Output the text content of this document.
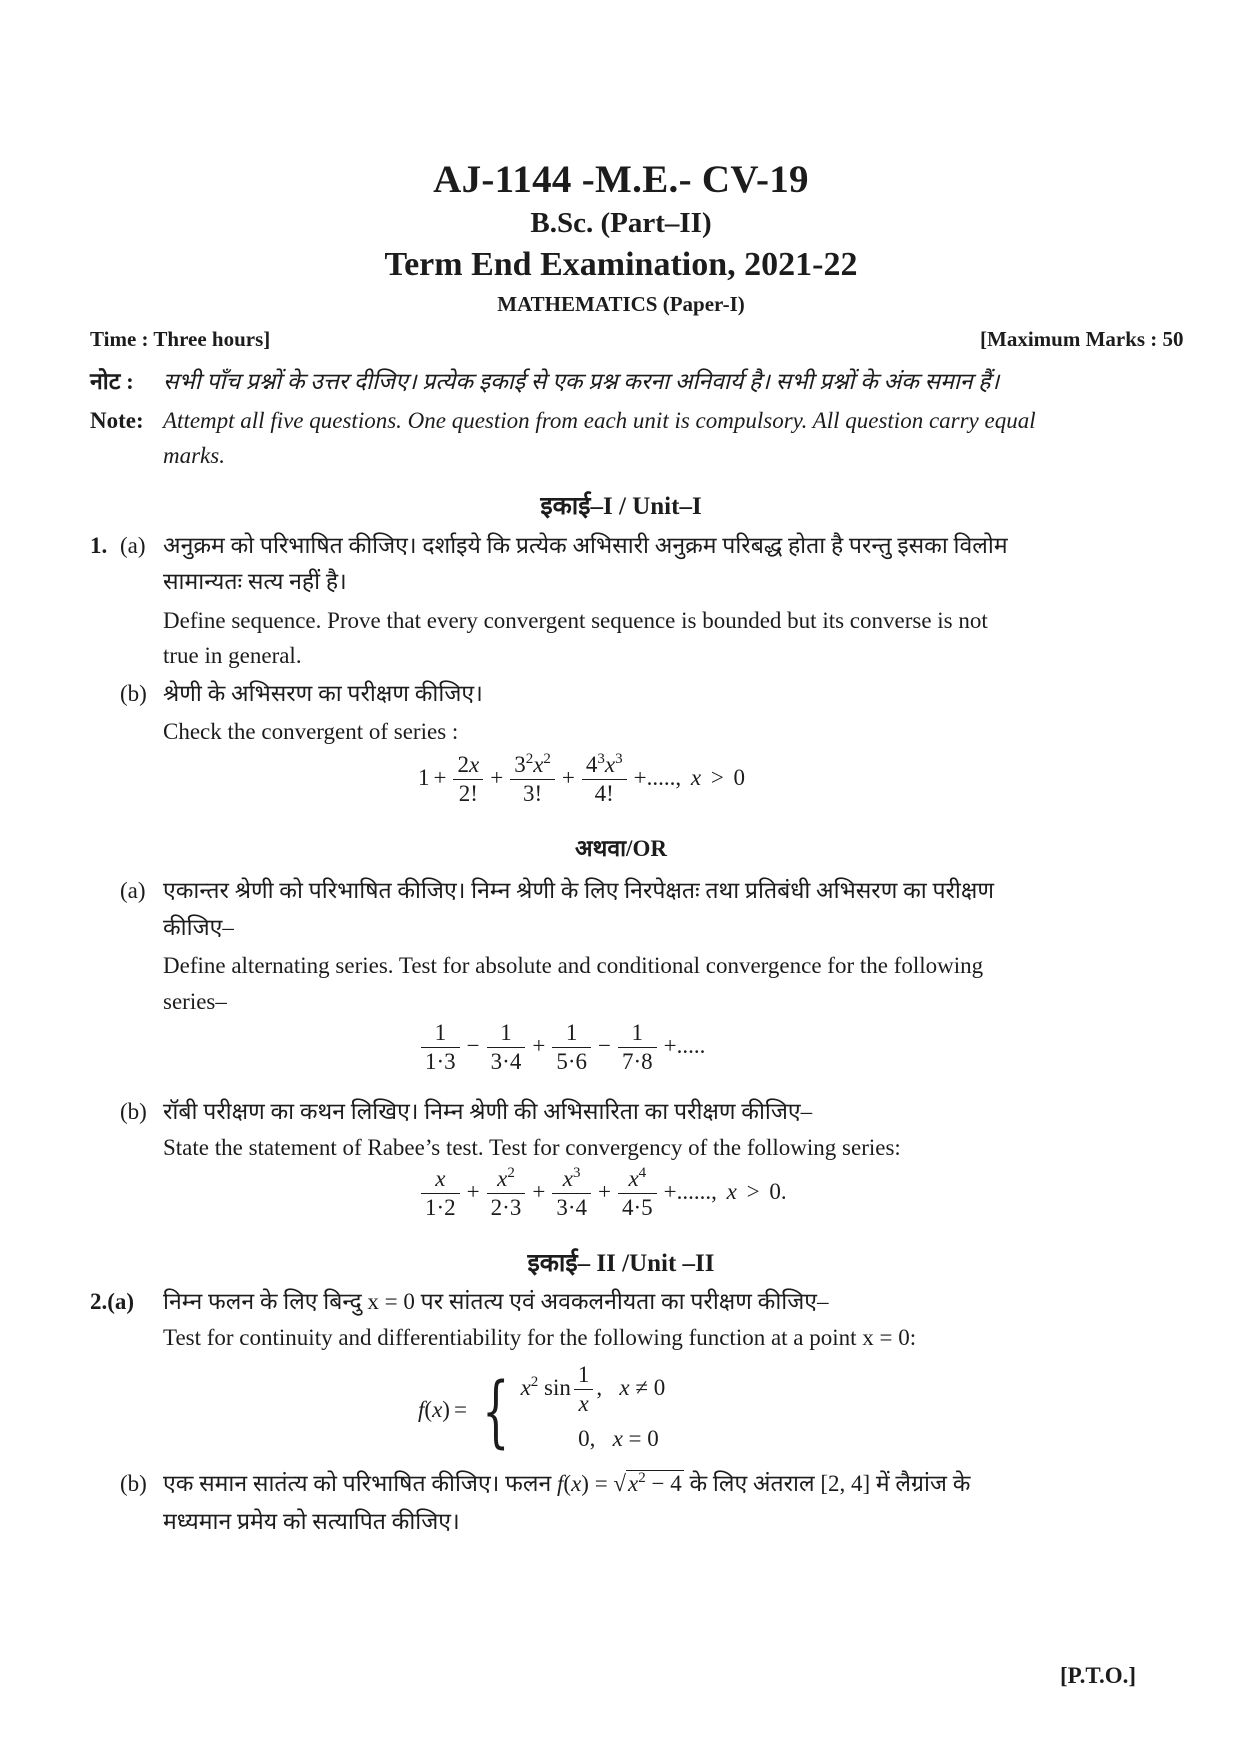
AJ-1144 -M.E.- CV-19
B.Sc. (Part–II)
Term End Examination, 2021-22
MATHEMATICS (Paper-I)
Time : Three hours]	[Maximum Marks : 50
नोट : सभी पाँच प्रश्नों के उत्तर दीजिए। प्रत्येक इकाई से एक प्रश्न करना अनिवार्य है। सभी प्रश्नों के अंक समान हैं।
Note: Attempt all five questions. One question from each unit is compulsory. All question carry equal
marks.
इकाई–I / Unit–I
1. (a) अनुक्रम को परिभाषित कीजिए। दर्शाइये कि प्रत्येक अभिसारी अनुक्रम परिबद्ध होता है परन्तु इसका विलोम
सामान्यतः सत्य नहीं है।
Define sequence. Prove that every convergent sequence is bounded but its converse is not
true in general.
(b) श्रेणी के अभिसरण का परीक्षण कीजिए।
Check the convergent of series :
$1 + \frac{2x}{2!} + \frac{3^2x^2}{3!} + \frac{4^3x^3}{4!}$ +....., x > 0
अथवा/OR
(a) एकान्तर श्रेणी को परिभाषित कीजिए। निम्न श्रेणी के लिए निरपेक्षतः तथा प्रतिबंधी अभिसरण का परीक्षण
कीजिए–
Define alternating series. Test for absolute and conditional convergence for the following
series–
$\frac{1}{1\cdot 3} - \frac{1}{3\cdot 4} + \frac{1}{5\cdot 6} - \frac{1}{7\cdot 8}$ +.....
(b) रॉबी परीक्षण का कथन लिखिए। निम्न श्रेणी की अभिसारिता का परीक्षण कीजिए–
State the statement of Rabee’s test. Test for convergency of the following series:
$\frac{x}{1\cdot 2} + \frac{x^2}{2\cdot 3} + \frac{x^3}{3\cdot 4} + \frac{x^4}{4\cdot 5}$ +......, x > 0.
इकाई– II /Unit –II
2.(a) निम्न फलन के लिए बिन्दु x = 0 पर सांतत्य एवं अवकलनीयता का परीक्षण कीजिए–
Test for continuity and differentiability for the following function at a point x = 0:
f(x) = { $x^2$ $\sin \frac{1}{x}$ ,   x ≠ 0
0,   x = 0
(b) एक समान सातंत्य को परिभाषित कीजिए। फलन $f(x) = √x^2 - 4$ के लिए अंतराल [2, 4] में लैग्रांज के
मध्यमान प्रमेय को सत्यापित कीजिए।
[P.T.O.]
